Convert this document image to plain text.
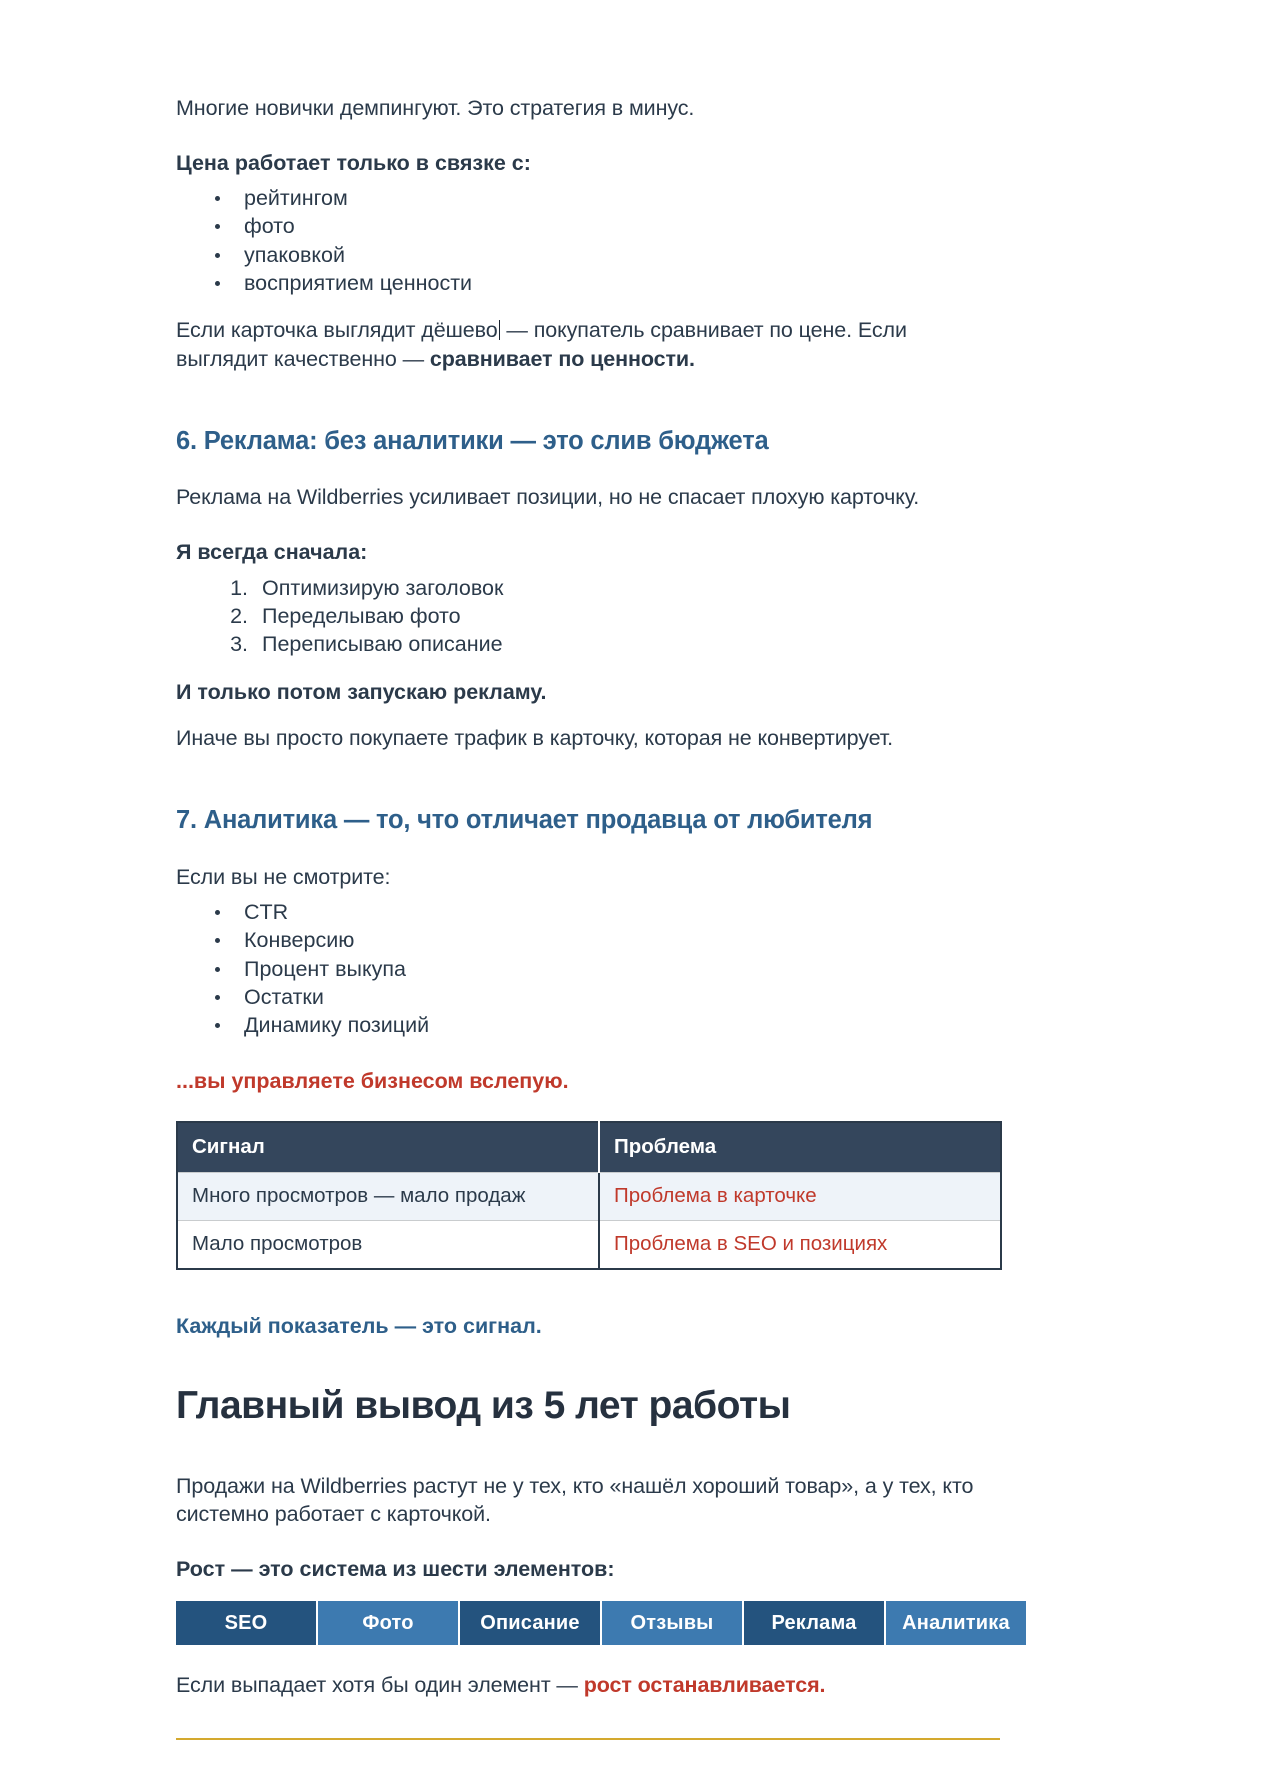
Многие новички демпингуют. Это стратегия в минус.

Цена работает только в связке с:

рейтингом
фото
упаковкой
восприятием ценности

Если карточка выглядит дёшево — покупатель сравнивает по цене. Если выглядит качественно — сравнивает по ценности.

6. Реклама: без аналитики — это слив бюджета

Реклама на Wildberries усиливает позиции, но не спасает плохую карточку.

Я всегда сначала:

1. Оптимизирую заголовок
2. Переделываю фото
3. Переписываю описание

И только потом запускаю рекламу.

Иначе вы просто покупаете трафик в карточку, которая не конвертирует.

7. Аналитика — то, что отличает продавца от любителя

Если вы не смотрите:

CTR
Конверсию
Процент выкупа
Остатки
Динамику позиций

...вы управляете бизнесом вслепую.

Сигнал	Проблема
Много просмотров — мало продаж	Проблема в карточке
Мало просмотров	Проблема в SEO и позициях

Каждый показатель — это сигнал.

Главный вывод из 5 лет работы

Продажи на Wildberries растут не у тех, кто «нашёл хороший товар», а у тех, кто системно работает с карточкой.

Рост — это система из шести элементов:

SEO	Фото	Описание	Отзывы	Реклама	Аналитика

Если выпадает хотя бы один элемент — рост останавливается.
